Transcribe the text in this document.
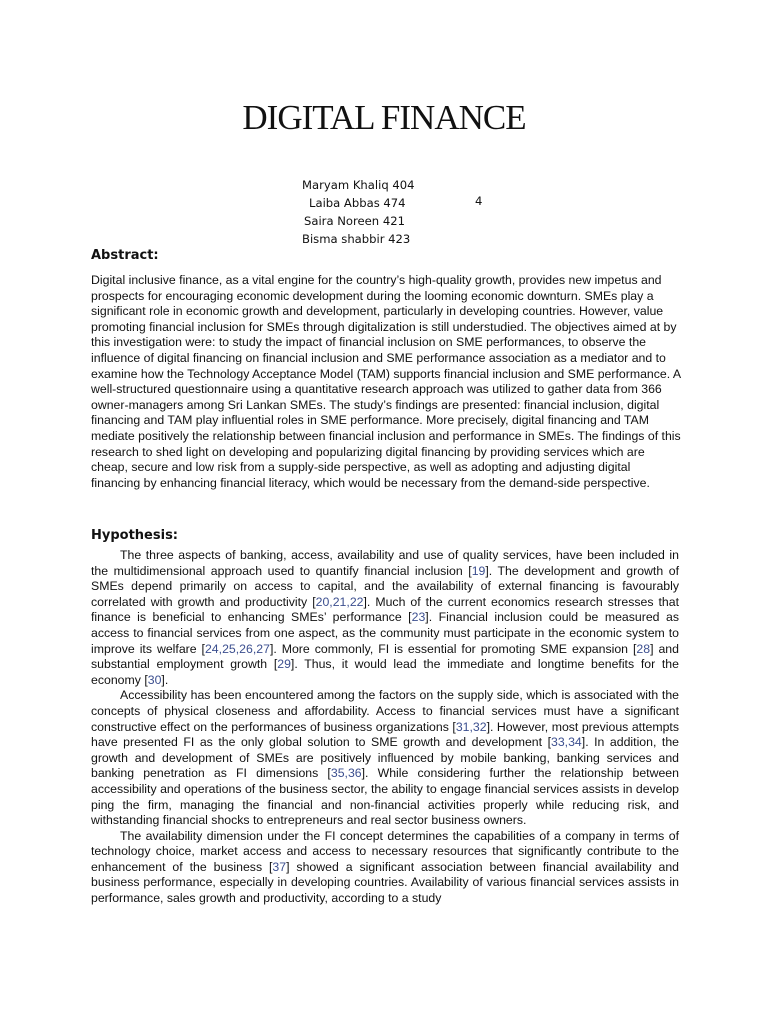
DIGITAL FINANCE
Maryam Khaliq 404
Laiba Abbas 474
Saira Noreen 421
Bisma shabbir 423
4
Abstract:

Digital inclusive finance, as a vital engine for the country’s high-quality growth, provides new impetus and prospects for encouraging economic development during the looming economic downturn. SMEs play a significant role in economic growth and development, particularly in developing countries. However, value promoting financial inclusion for SMEs through digitalization is still understudied. The objectives aimed at by this investigation were: to study the impact of financial inclusion on SME performances, to observe the influence of digital financing on financial inclusion and SME performance association as a mediator and to examine how the Technology Acceptance Model (TAM) supports financial inclusion and SME performance. A well-structured questionnaire using a quantitative research approach was utilized to gather data from 366 owner-managers among Sri Lankan SMEs. The study’s findings are presented: financial inclusion, digital financing and TAM play influential roles in SME performance. More precisely, digital financing and TAM mediate positively the relationship between financial inclusion and performance in SMEs. The findings of this research to shed light on developing and popularizing digital financing by providing services which are cheap, secure and low risk from a supply-side perspective, as well as adopting and adjusting digital financing by enhancing financial literacy, which would be necessary from the demand-side perspective.

Hypothesis:

The three aspects of banking, access, availability and use of quality services, have been included in the multidimensional approach used to quantify financial inclusion [19]. The development and growth of SMEs depend primarily on access to capital, and the availability of external financing is favourably correlated with growth and productivity [20,21,22]. Much of the current economics research stresses that finance is beneficial to enhancing SMEs’ performance [23]. Financial inclusion could be measured as access to financial services from one aspect, as the community must participate in the economic system to improve its welfare [24,25,26,27]. More commonly, FI is essential for promoting SME expansion [28] and substantial employment growth [29]. Thus, it would lead the immediate and longtime benefits for the economy [30].

Accessibility has been encountered among the factors on the supply side, which is associated with the concepts of physical closeness and affordability. Access to financial services must have a significant constructive effect on the performances of business organizations [31,32]. However, most previous attempts have presented FI as the only global solution to SME growth and development [33,34]. In addition, the growth and development of SMEs are positively influenced by mobile banking, banking services and banking penetration as FI dimensions [35,36]. While considering further the relationship between accessibility and operations of the business sector, the ability to engage financial services assists in develop ping the firm, managing the financial and non-financial activities properly while reducing risk, and withstanding financial shocks to entrepreneurs and real sector business owners.

The availability dimension under the FI concept determines the capabilities of a company in terms of technology choice, market access and access to necessary resources that significantly contribute to the enhancement of the business [37] showed a significant association between financial availability and business performance, especially in developing countries. Availability of various financial services assists in performance, sales growth and productivity, according to a study
